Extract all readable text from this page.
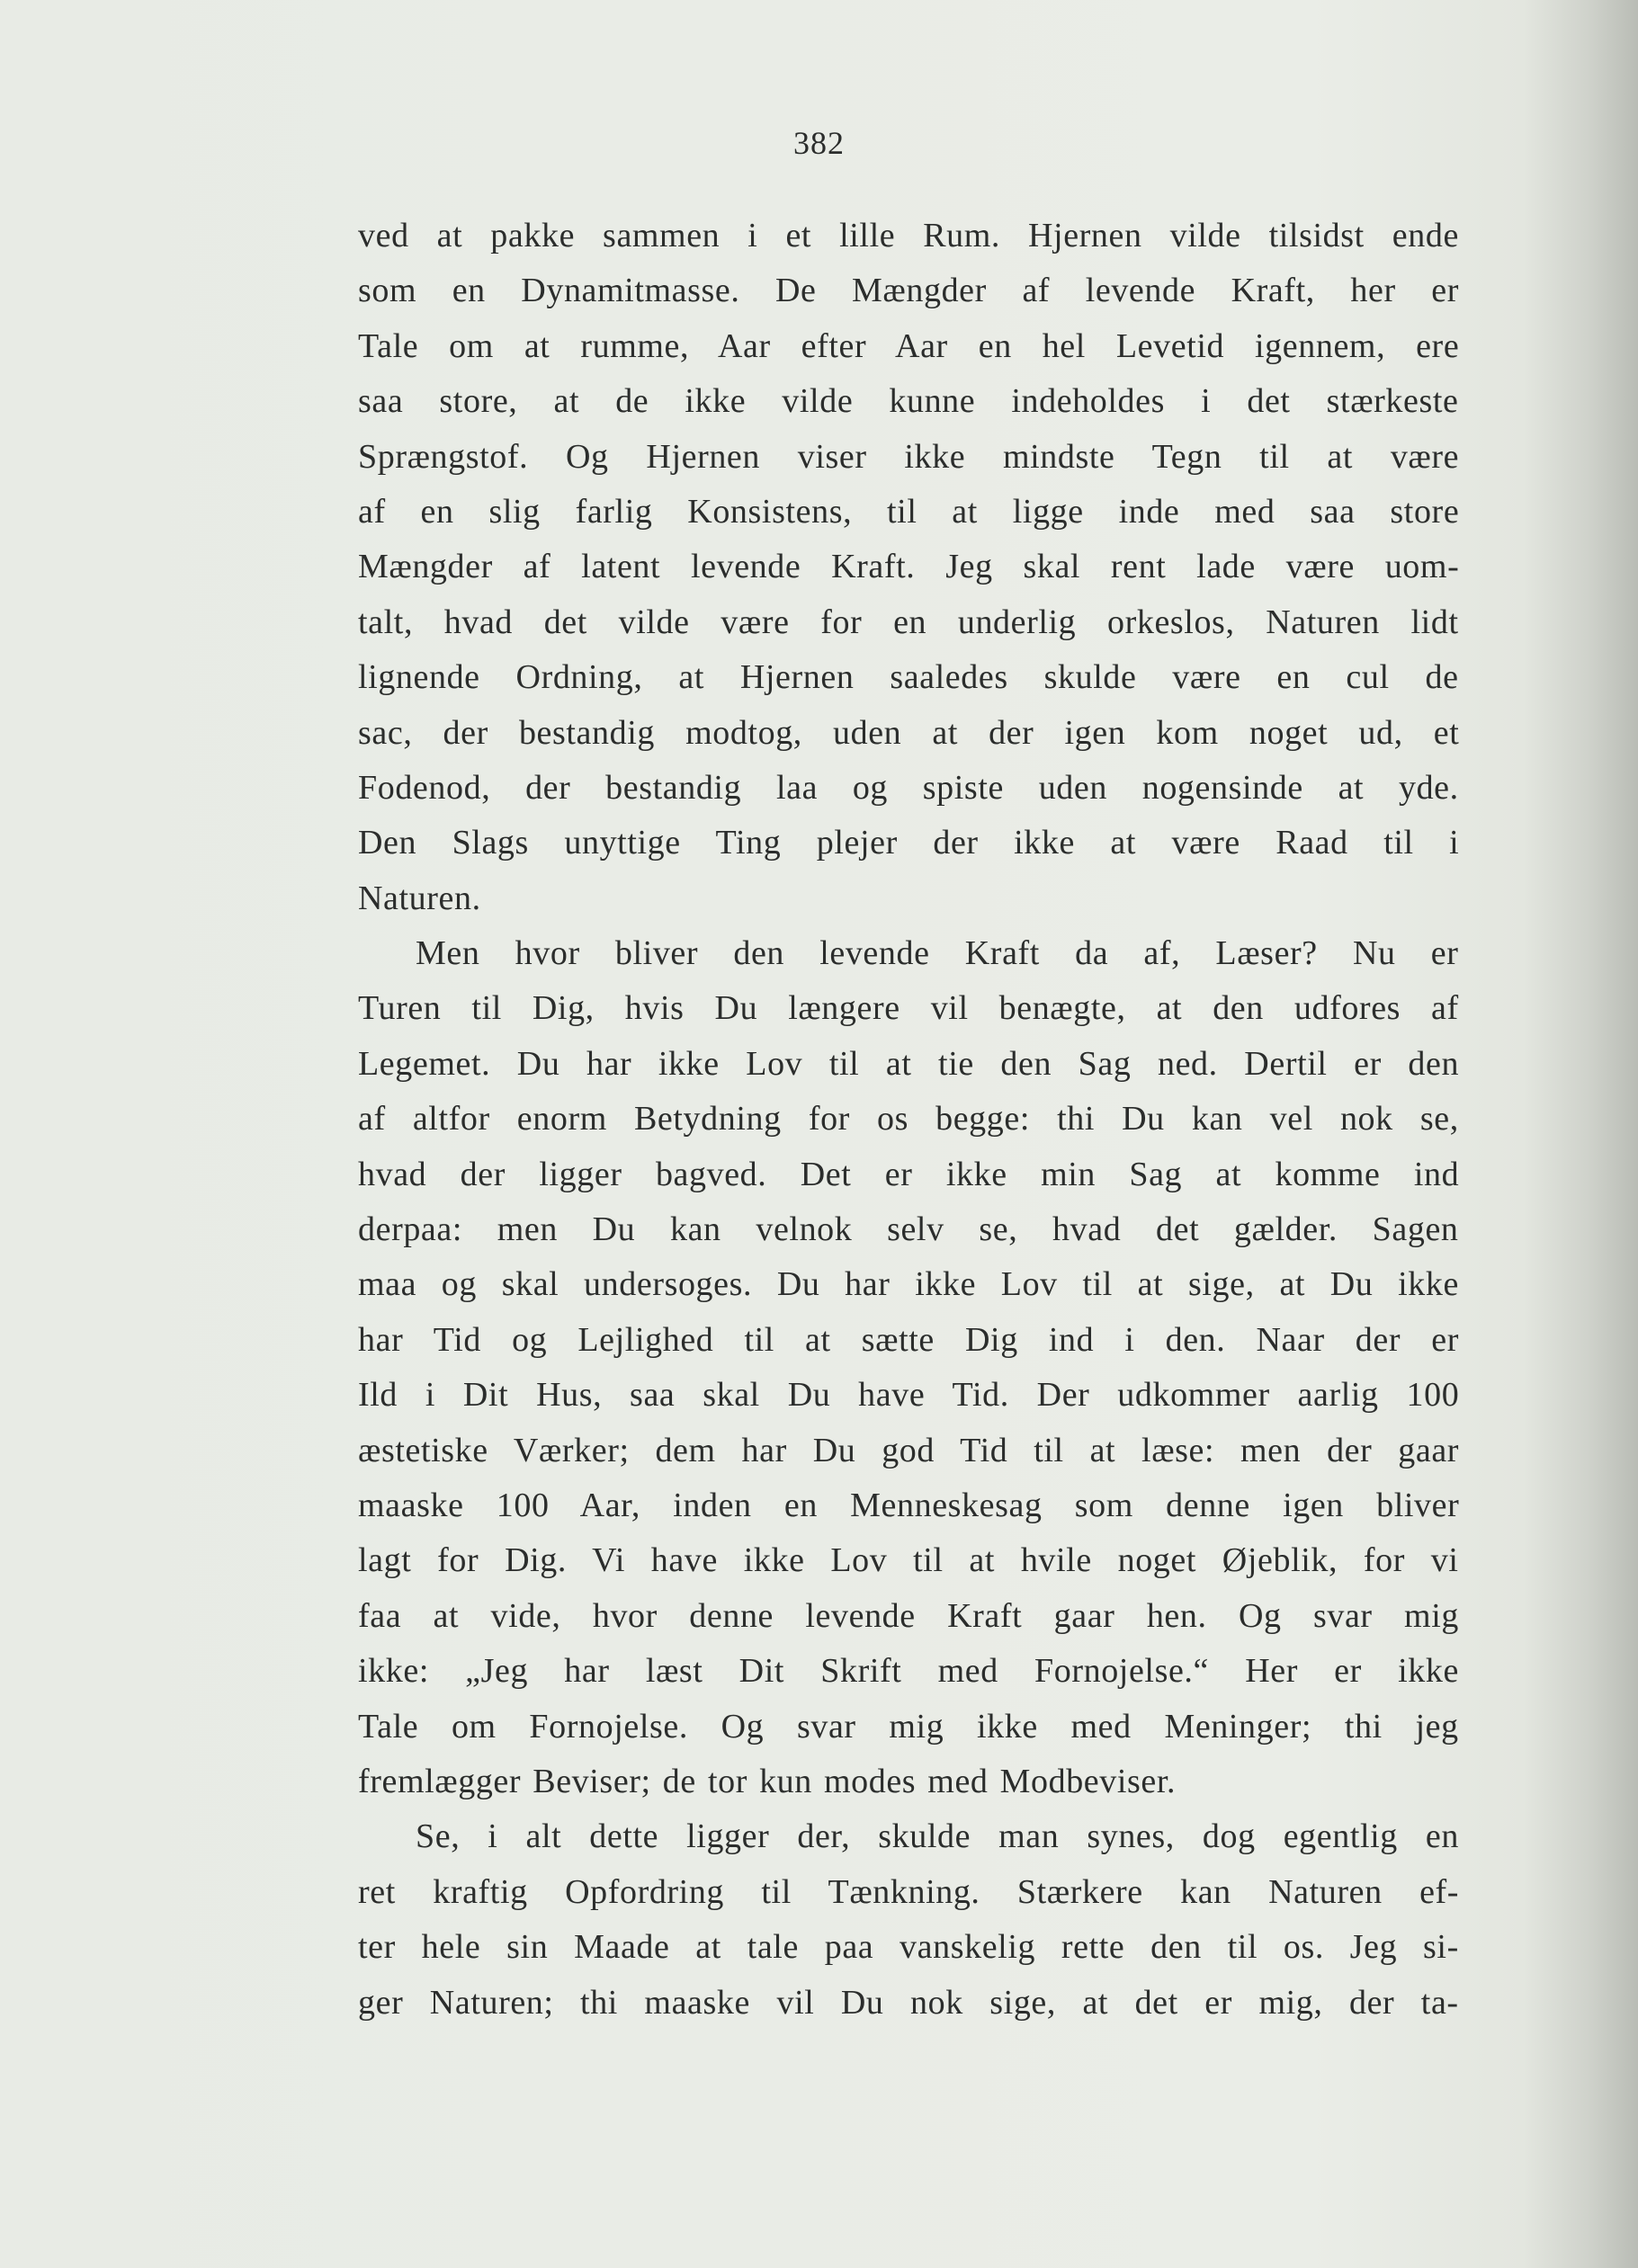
382
ved at pakke sammen i et lille Rum. Hjernen vilde tilsidst ende
som en Dynamitmasse. De Mængder af levende Kraft, her er
Tale om at rumme, Aar efter Aar en hel Levetid igennem, ere
saa store, at de ikke vilde kunne indeholdes i det stærkeste
Sprængstof. Og Hjernen viser ikke mindste Tegn til at være
af en slig farlig Konsistens, til at ligge inde med saa store
Mængder af latent levende Kraft. Jeg skal rent lade være uom-
talt, hvad det vilde være for en underlig orkeslos, Naturen lidt
lignende Ordning, at Hjernen saaledes skulde være en cul de
sac, der bestandig modtog, uden at der igen kom noget ud, et
Fodenod, der bestandig laa og spiste uden nogensinde at yde.
Den Slags unyttige Ting plejer der ikke at være Raad til i
Naturen.
Men hvor bliver den levende Kraft da af, Læser? Nu er
Turen til Dig, hvis Du længere vil benægte, at den udfores af
Legemet. Du har ikke Lov til at tie den Sag ned. Dertil er den
af altfor enorm Betydning for os begge: thi Du kan vel nok se,
hvad der ligger bagved. Det er ikke min Sag at komme ind
derpaa: men Du kan velnok selv se, hvad det gælder. Sagen
maa og skal undersoges. Du har ikke Lov til at sige, at Du ikke
har Tid og Lejlighed til at sætte Dig ind i den. Naar der er
Ild i Dit Hus, saa skal Du have Tid. Der udkommer aarlig 100
æstetiske Værker; dem har Du god Tid til at læse: men der gaar
maaske 100 Aar, inden en Menneskesag som denne igen bliver
lagt for Dig. Vi have ikke Lov til at hvile noget Øjeblik, for vi
faa at vide, hvor denne levende Kraft gaar hen. Og svar mig
ikke: „Jeg har læst Dit Skrift med Fornojelse.“ Her er ikke
Tale om Fornojelse. Og svar mig ikke med Meninger; thi jeg
fremlægger Beviser; de tor kun modes med Modbeviser.
Se, i alt dette ligger der, skulde man synes, dog egentlig en
ret kraftig Opfordring til Tænkning. Stærkere kan Naturen ef-
ter hele sin Maade at tale paa vanskelig rette den til os. Jeg si-
ger Naturen; thi maaske vil Du nok sige, at det er mig, der ta-
